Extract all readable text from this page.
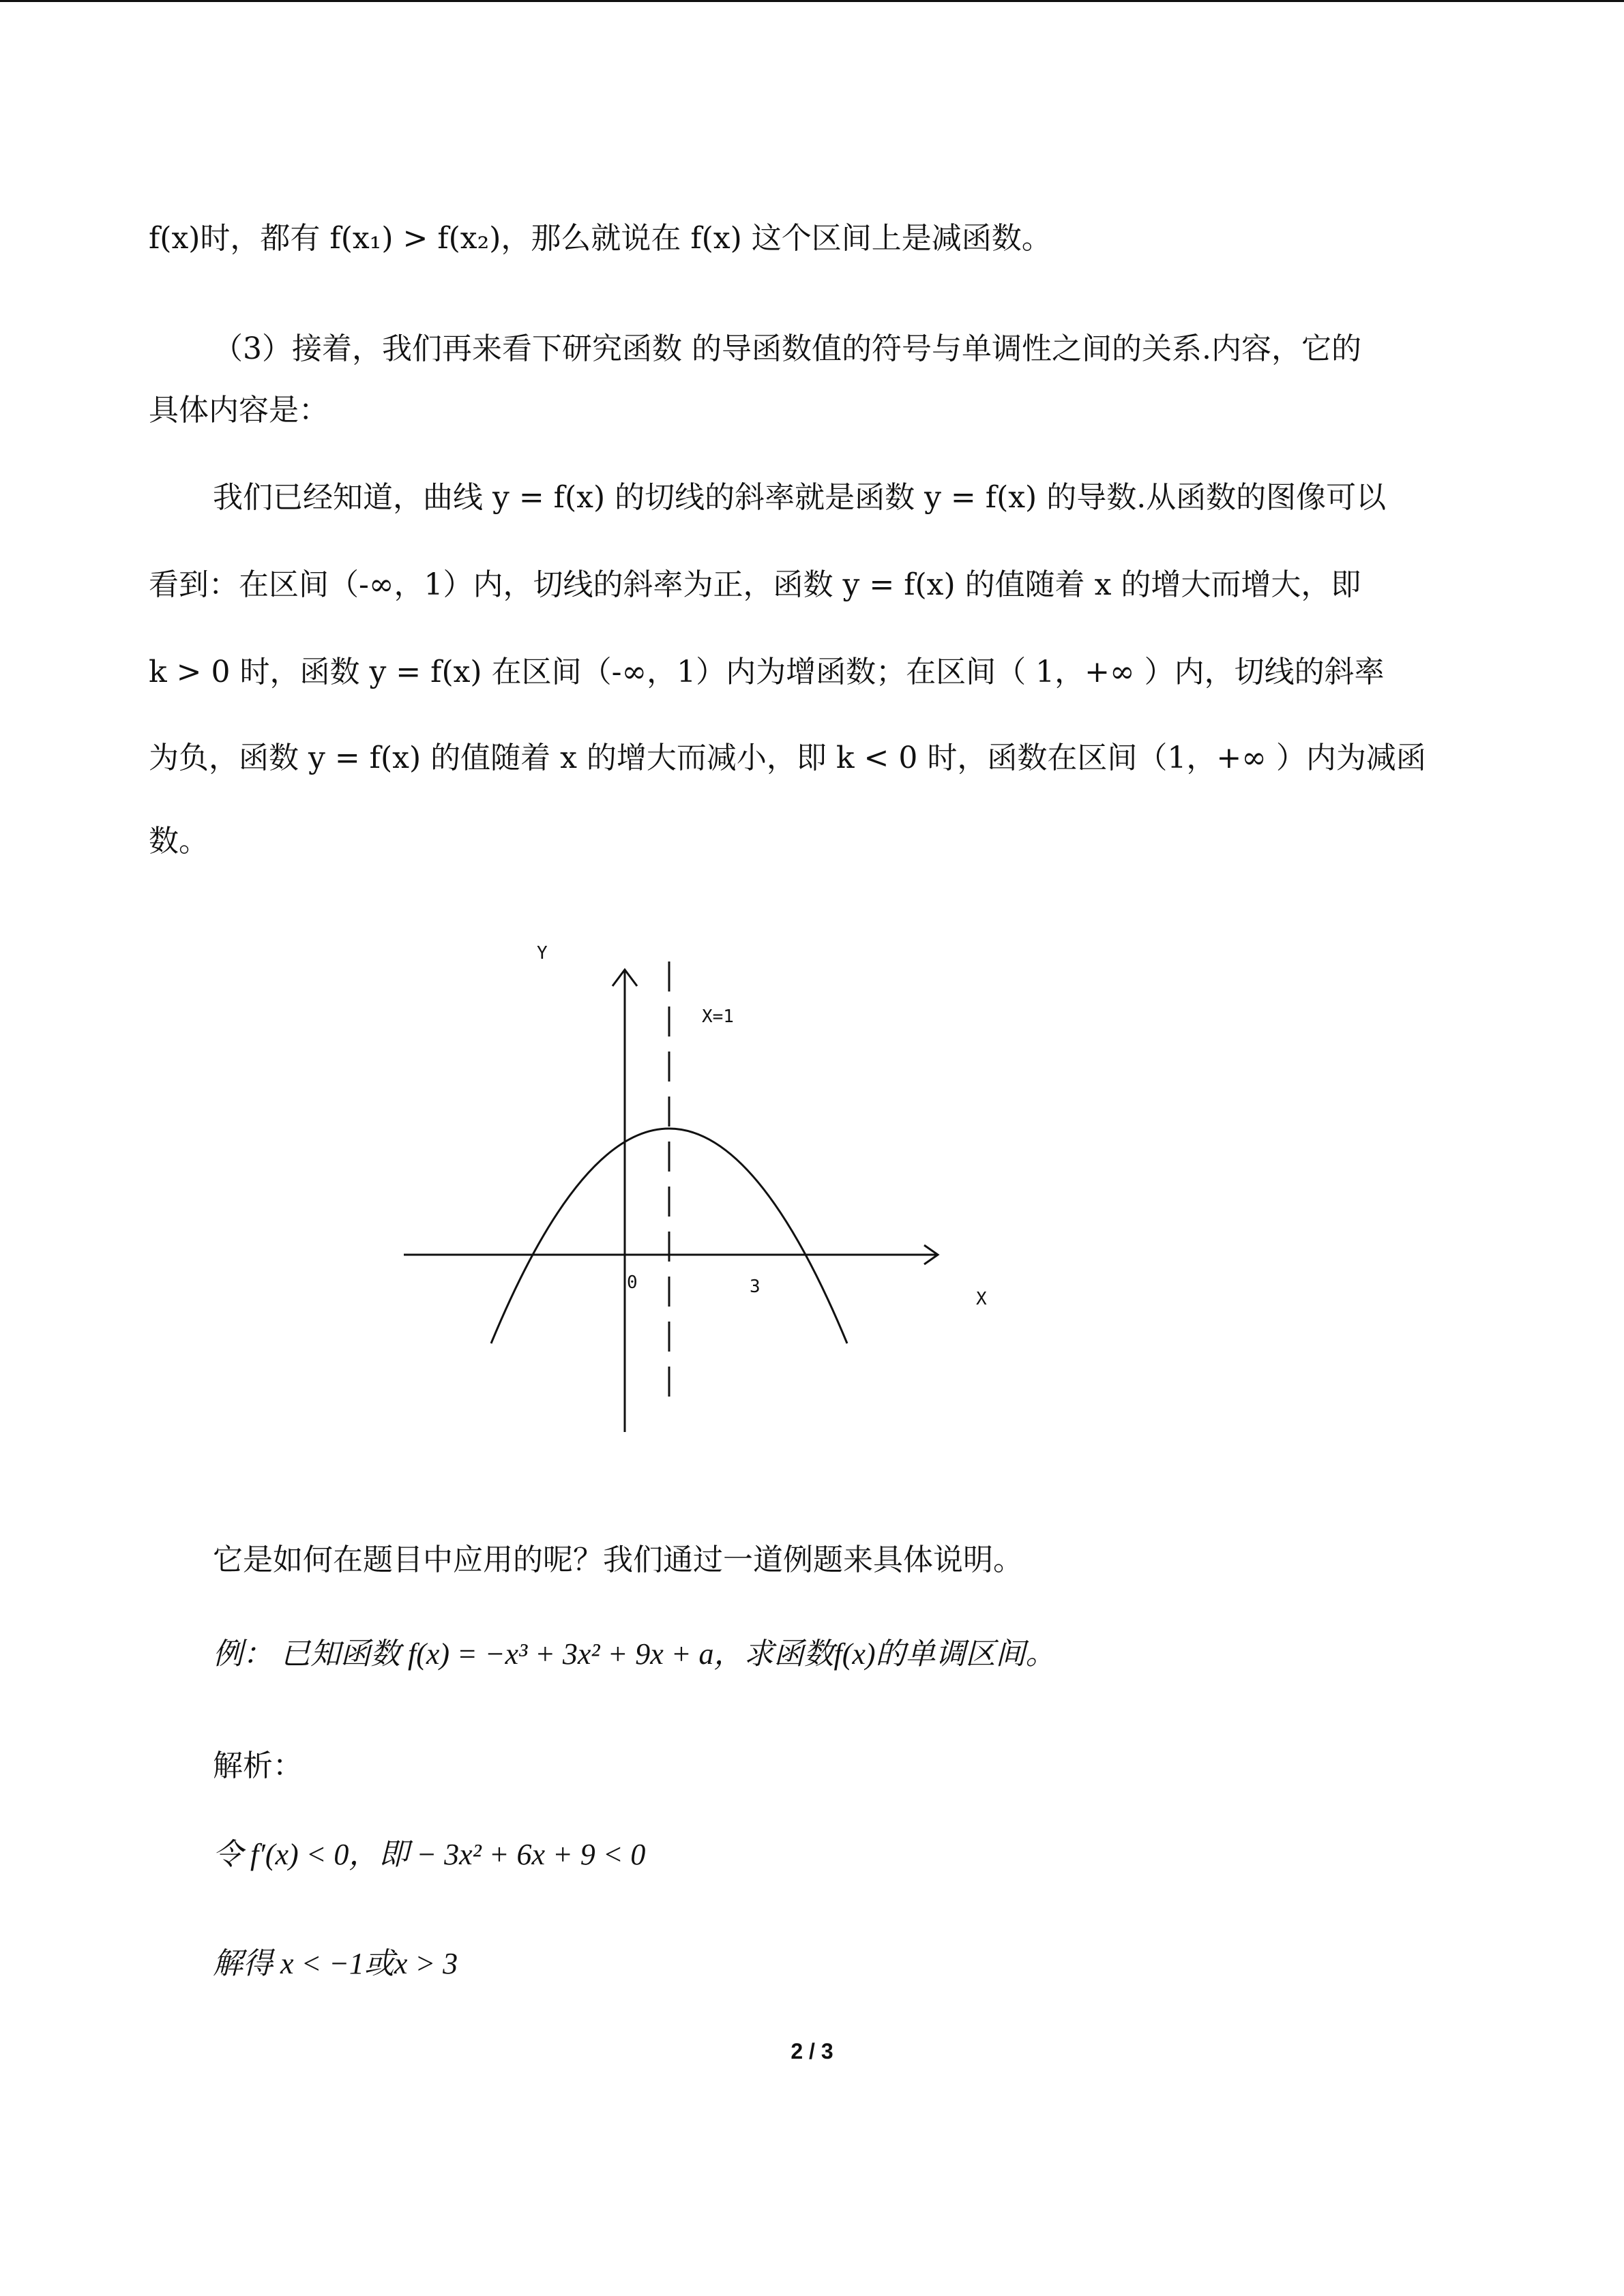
f(x)时，都有 f(x₁) > f(x₂)，那么就说在 f(x) 这个区间上是减函数。
（3）接着，我们再来看下研究函数 的导函数值的符号与单调性之间的关系.内容，它的
具体内容是：
我们已经知道，曲线 y = f(x) 的切线的斜率就是函数 y = f(x) 的导数.从函数的图像可以
看到：在区间（-∞，1）内，切线的斜率为正，函数 y = f(x) 的值随着 x 的增大而增大，即
k > 0 时，函数 y = f(x) 在区间（-∞，1）内为增函数；在区间（ 1，+∞ ）内，切线的斜率
为负，函数 y = f(x) 的值随着 x 的增大而减小，即 k < 0 时，函数在区间（1，+∞ ）内为减函
数。
Y
X
X=1
0	3
它是如何在题目中应用的呢？我们通过一道例题来具体说明。
例： 已知函数 f(x) = −x³ + 3x² + 9x + a，求函数f(x)的单调区间。
解析：
令 f′(x) < 0，即 − 3x² + 6x + 9 < 0
解得 x < −1或x > 3
2 / 3
